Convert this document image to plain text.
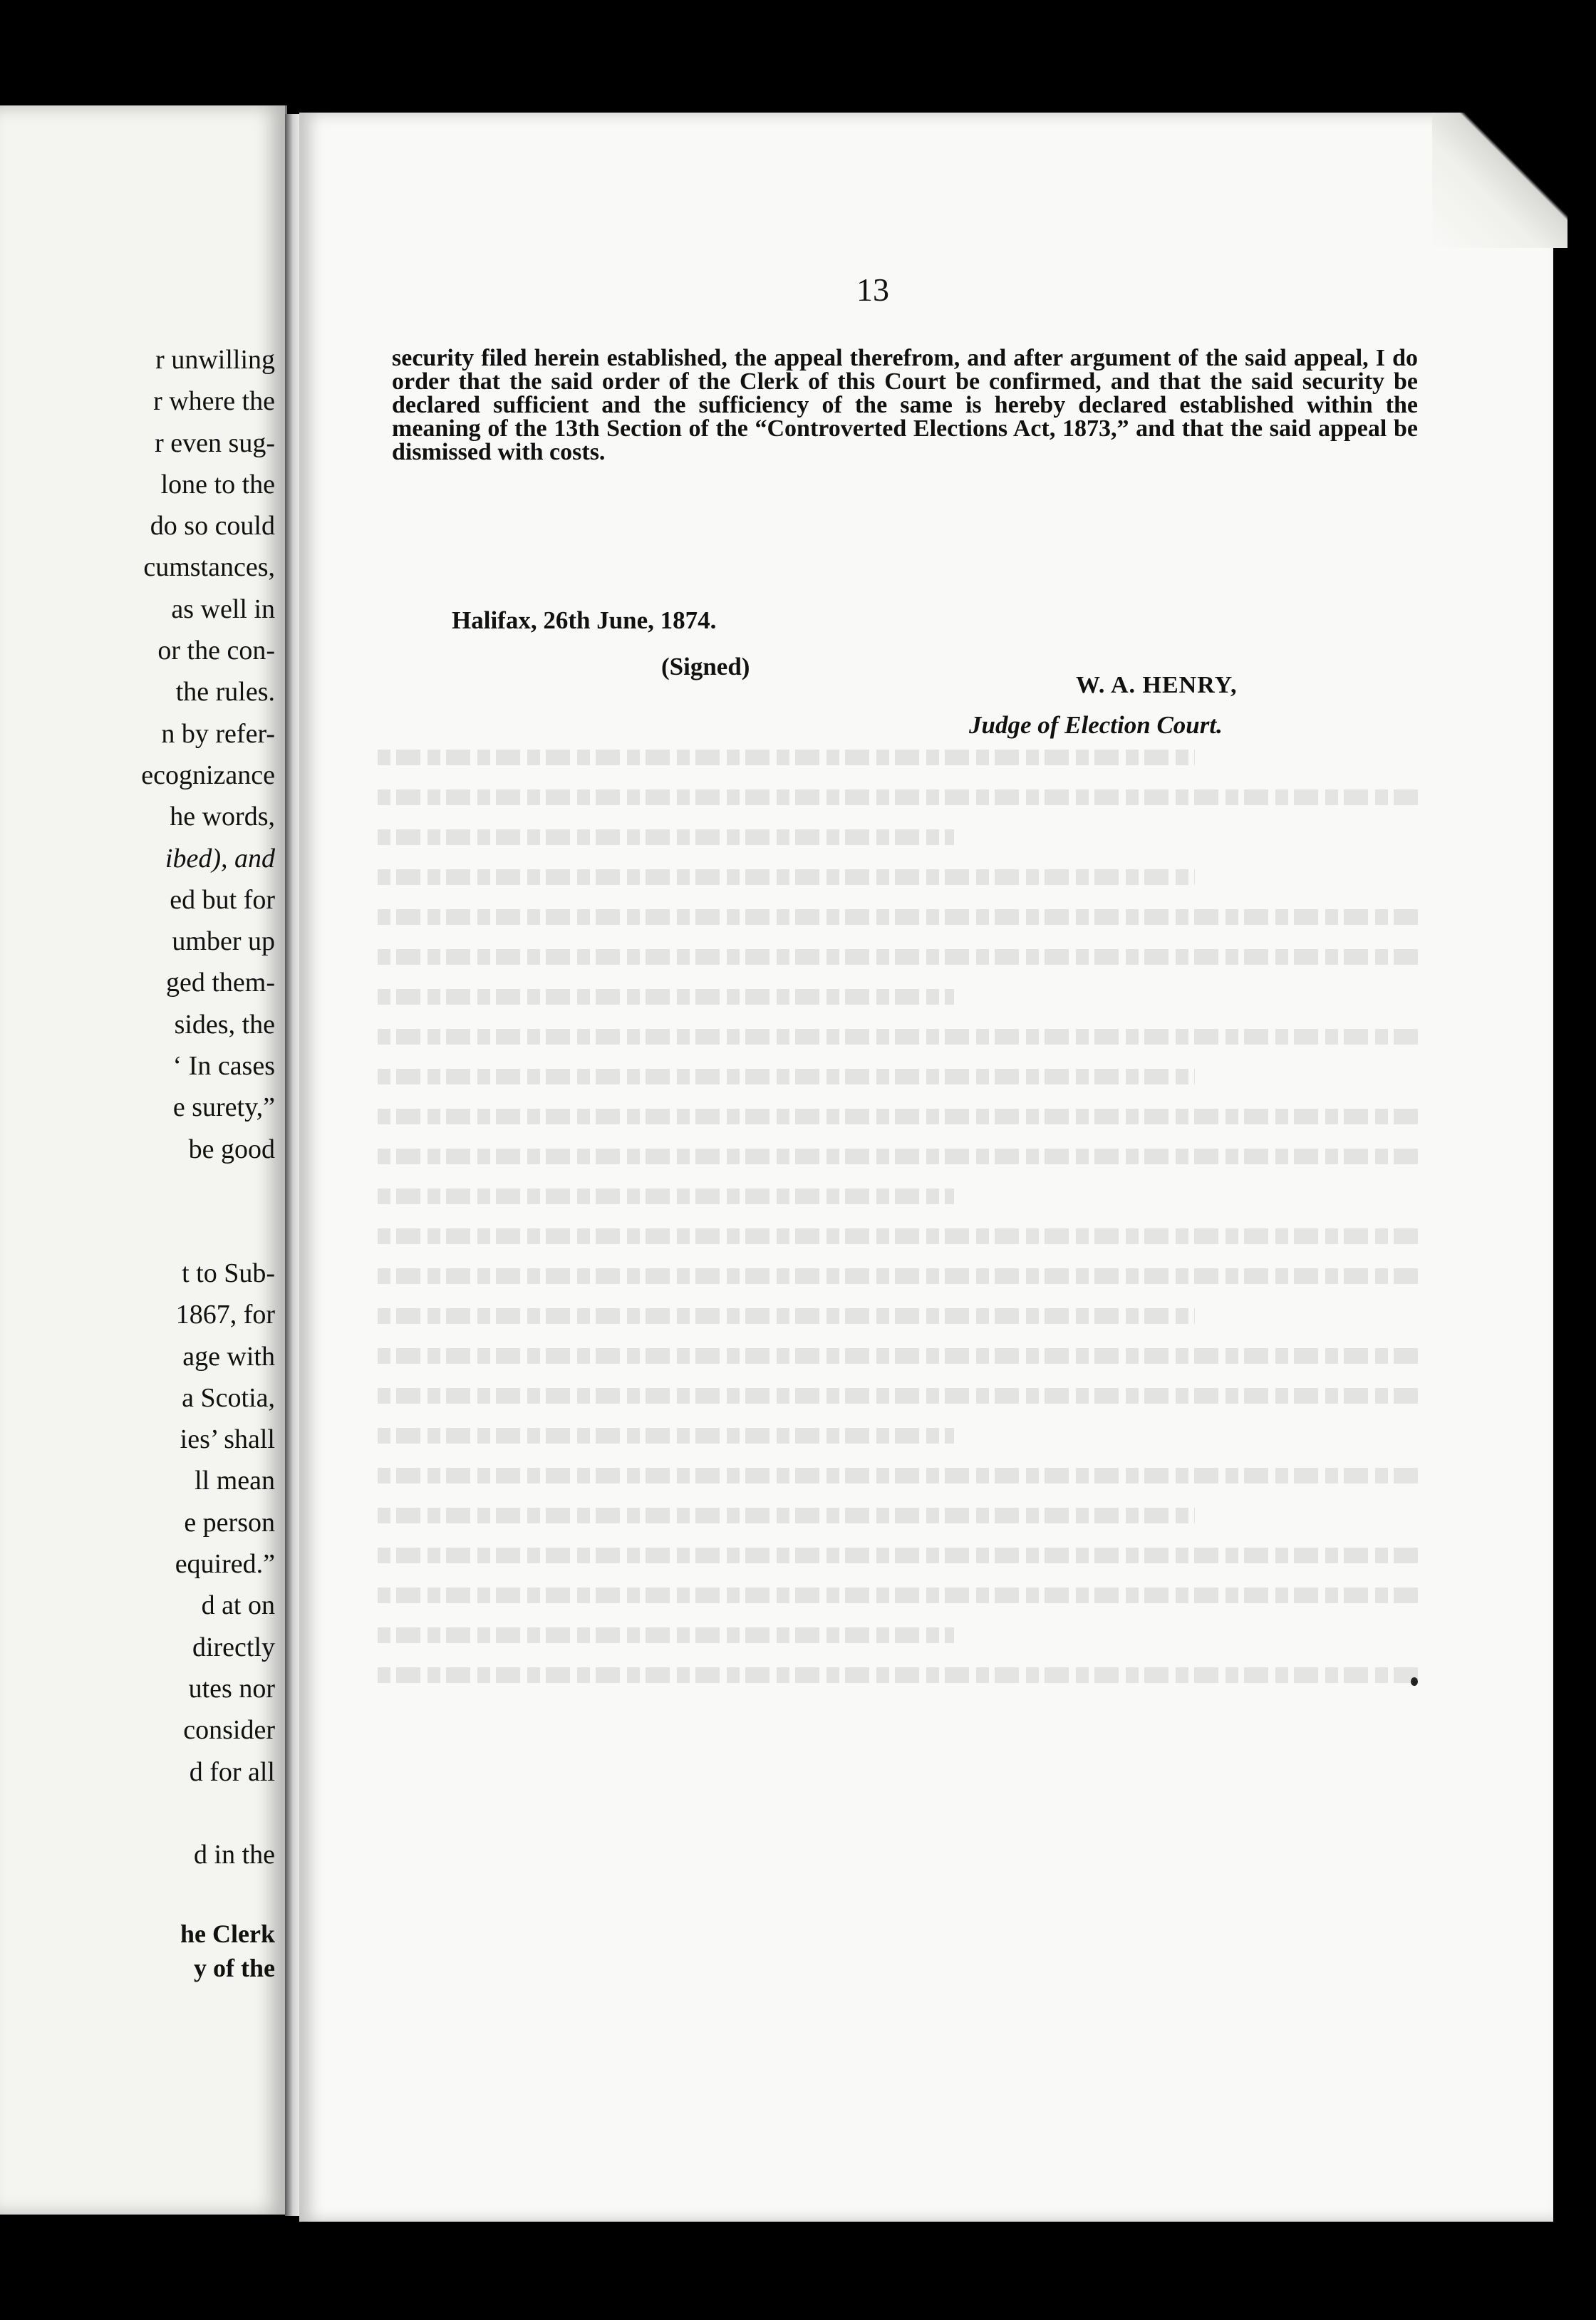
r unwilling
r where the
r even sug-
lone to the
do so could
cumstances,
as well in
or the con-
the rules.
n by refer-
ecognizance
he words,
ibed), and
ed but for
umber up
ged them-
sides, the
‘ In cases
e surety,”
be good
t to Sub-
1867, for
age with
a Scotia,
ies’ shall
ll mean
e person
equired.”
d at on
directly
utes nor
consider
d for all
d in the
he Clerk
y of the
13
security filed herein established, the appeal therefrom, and after argument of the said appeal, I do order that the said order of the Clerk of this Court be confirmed, and that the said security be declared sufficient and the sufficiency of the same is hereby declared established within the meaning of the 13th Section of the “Controverted Elections Act, 1873,” and that the said appeal be dismissed with costs.
Halifax, 26th June, 1874.
(Signed)
W. A. HENRY,
Judge of Election Court.
